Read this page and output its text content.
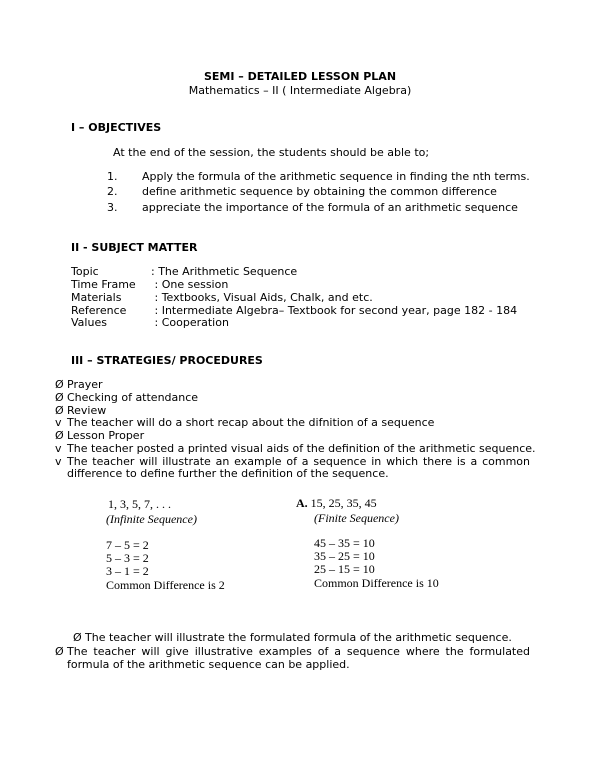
SEMI – DETAILED LESSON PLAN
Mathematics – II ( Intermediate Algebra)
I – OBJECTIVES
At the end of the session, the students should be able to;
1. Apply the formula of the arithmetic sequence in finding the nth terms.
2. define arithmetic sequence by obtaining the common difference
3. appreciate the importance of the formula of an arithmetic sequence
II - SUBJECT MATTER
Topic	: The Arithmetic Sequence
Time Frame : One session
Materials	: Textbooks, Visual Aids, Chalk, and etc.
Reference : Intermediate Algebra– Textbook for second year, page 182 - 184
Values	: Cooperation
III – STRATEGIES/ PROCEDURES
Ø Prayer
Ø Checking of attendance
Ø Review
v The teacher will do a short recap about the difnition of a sequence
Ø Lesson Proper
v The teacher posted a printed visual aids of the definition of the arithmetic sequence.
v The teacher will illustrate an example of a sequence in which there is a common
difference to define further the definition of the sequence.
1, 3, 5, 7, . . .
(Infinite Sequence)
7 – 5 = 2
5 – 3 = 2
3 – 1 = 2
Common Difference is 2
A. 15, 25, 35, 45
(Finite Sequence)
45 – 35 = 10
35 – 25 = 10
25 – 15 = 10
Common Difference is 10
Ø The teacher will illustrate the formulated formula of the arithmetic sequence.
Ø The teacher will give illustrative examples of a sequence where the formulated
formula of the arithmetic sequence can be applied.
